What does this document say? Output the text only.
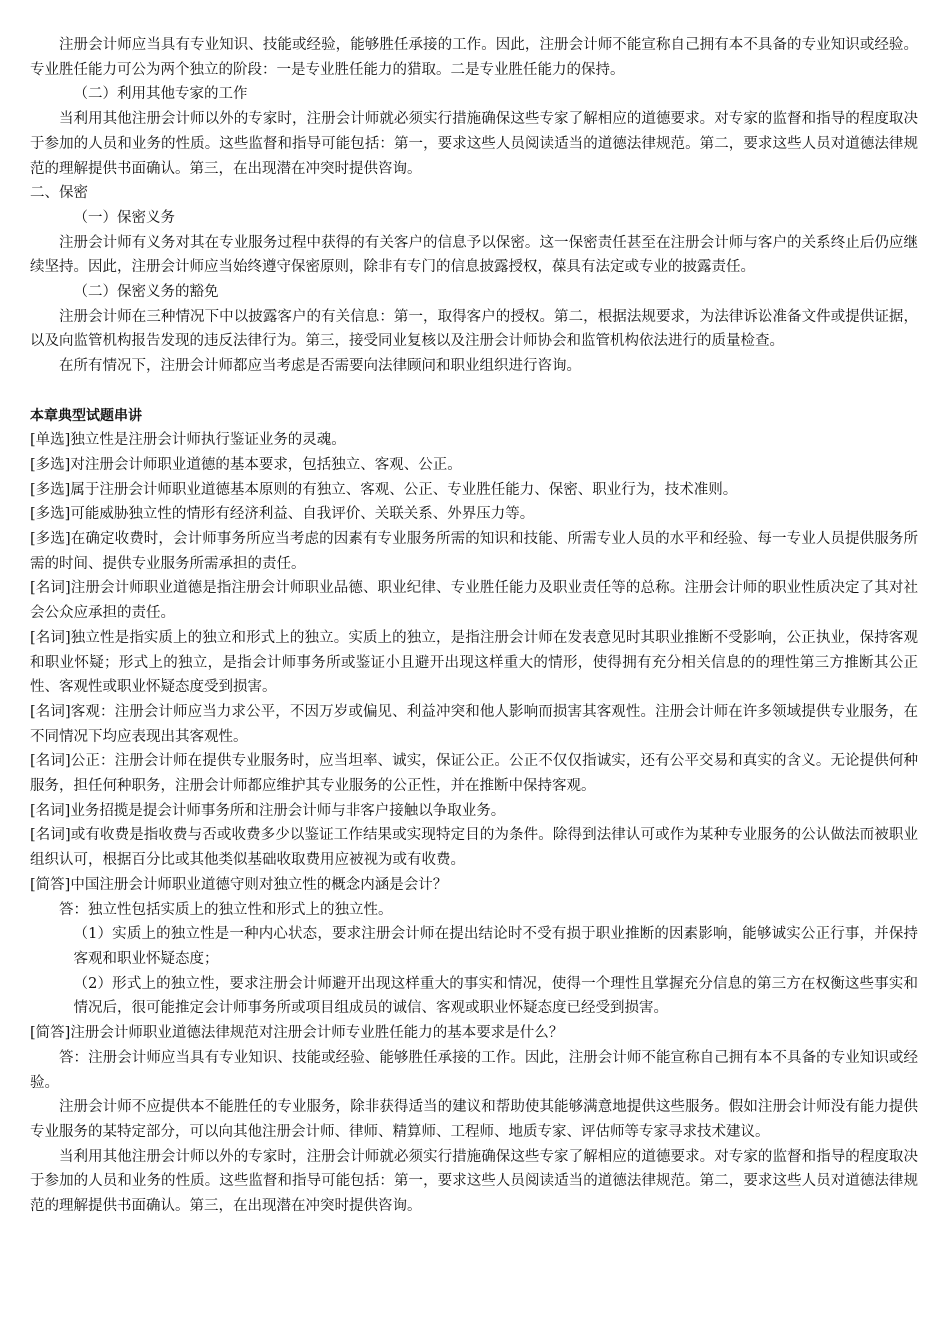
注册会计师应当具有专业知识、技能或经验，能够胜任承接的工作。因此，注册会计师不能宣称自己拥有本不具备的专业知识或经验。专业胜任能力可公为两个独立的阶段：一是专业胜任能力的猎取。二是专业胜任能力的保持。

（二）利用其他专家的工作

当利用其他注册会计师以外的专家时，注册会计师就必须实行措施确保这些专家了解相应的道德要求。对专家的监督和指导的程度取决于参加的人员和业务的性质。这些监督和指导可能包括：第一，要求这些人员阅读适当的道德法律规范。第二，要求这些人员对道德法律规范的理解提供书面确认。第三，在出现潜在冲突时提供咨询。

二、保密

（一）保密义务

注册会计师有义务对其在专业服务过程中获得的有关客户的信息予以保密。这一保密责任甚至在注册会计师与客户的关系终止后仍应继续坚持。因此，注册会计师应当始终遵守保密原则，除非有专门的信息披露授权，葆具有法定或专业的披露责任。

（二）保密义务的豁免

注册会计师在三种情况下中以披露客户的有关信息：第一，取得客户的授权。第二，根据法规要求，为法律诉讼准备文件或提供证据，以及向监管机构报告发现的违反法律行为。第三，接受同业复核以及注册会计师协会和监管机构依法进行的质量检查。

在所有情况下，注册会计师都应当考虑是否需要向法律顾问和职业组织进行咨询。

本章典型试题串讲

[单选]独立性是注册会计师执行鉴证业务的灵魂。

[多选]对注册会计师职业道德的基本要求，包括独立、客观、公正。

[多选]属于注册会计师职业道德基本原则的有独立、客观、公正、专业胜任能力、保密、职业行为，技术准则。

[多选]可能威胁独立性的情形有经济利益、自我评价、关联关系、外界压力等。

[多选]在确定收费时，会计师事务所应当考虑的因素有专业服务所需的知识和技能、所需专业人员的水平和经验、每一专业人员提供服务所需的时间、提供专业服务所需承担的责任。

[名词]注册会计师职业道德是指注册会计师职业品德、职业纪律、专业胜任能力及职业责任等的总称。注册会计师的职业性质决定了其对社会公众应承担的责任。

[名词]独立性是指实质上的独立和形式上的独立。实质上的独立，是指注册会计师在发表意见时其职业推断不受影响，公正执业，保持客观和职业怀疑；形式上的独立，是指会计师事务所或鉴证小且避开出现这样重大的情形，使得拥有充分相关信息的的理性第三方推断其公正性、客观性或职业怀疑态度受到损害。

[名词]客观：注册会计师应当力求公平，不因万岁或偏见、利益冲突和他人影响而损害其客观性。注册会计师在许多领域提供专业服务，在不同情况下均应表现出其客观性。

[名词]公正：注册会计师在提供专业服务时，应当坦率、诚实，保证公正。公正不仅仅指诚实，还有公平交易和真实的含义。无论提供何种服务，担任何种职务，注册会计师都应维护其专业服务的公正性，并在推断中保持客观。

[名词]业务招揽是提会计师事务所和注册会计师与非客户接触以争取业务。

[名词]或有收费是指收费与否或收费多少以鉴证工作结果或实现特定目的为条件。除得到法律认可或作为某种专业服务的公认做法而被职业组织认可，根据百分比或其他类似基础收取费用应被视为或有收费。

[简答]中国注册会计师职业道德守则对独立性的概念内涵是会计？

答：独立性包括实质上的独立性和形式上的独立性。

（1）实质上的独立性是一种内心状态，要求注册会计师在提出结论时不受有损于职业推断的因素影响，能够诚实公正行事，并保持客观和职业怀疑态度；

（2）形式上的独立性，要求注册会计师避开出现这样重大的事实和情况，使得一个理性且掌握充分信息的第三方在权衡这些事实和情况后，很可能推定会计师事务所或项目组成员的诚信、客观或职业怀疑态度已经受到损害。

[简答]注册会计师职业道德法律规范对注册会计师专业胜任能力的基本要求是什么？

答：注册会计师应当具有专业知识、技能或经验、能够胜任承接的工作。因此，注册会计师不能宣称自己拥有本不具备的专业知识或经验。

注册会计师不应提供本不能胜任的专业服务，除非获得适当的建议和帮助使其能够满意地提供这些服务。假如注册会计师没有能力提供专业服务的某特定部分，可以向其他注册会计师、律师、精算师、工程师、地质专家、评估师等专家寻求技术建议。

当利用其他注册会计师以外的专家时，注册会计师就必须实行措施确保这些专家了解相应的道德要求。对专家的监督和指导的程度取决于参加的人员和业务的性质。这些监督和指导可能包括：第一，要求这些人员阅读适当的道德法律规范。第二，要求这些人员对道德法律规范的理解提供书面确认。第三，在出现潜在冲突时提供咨询。
